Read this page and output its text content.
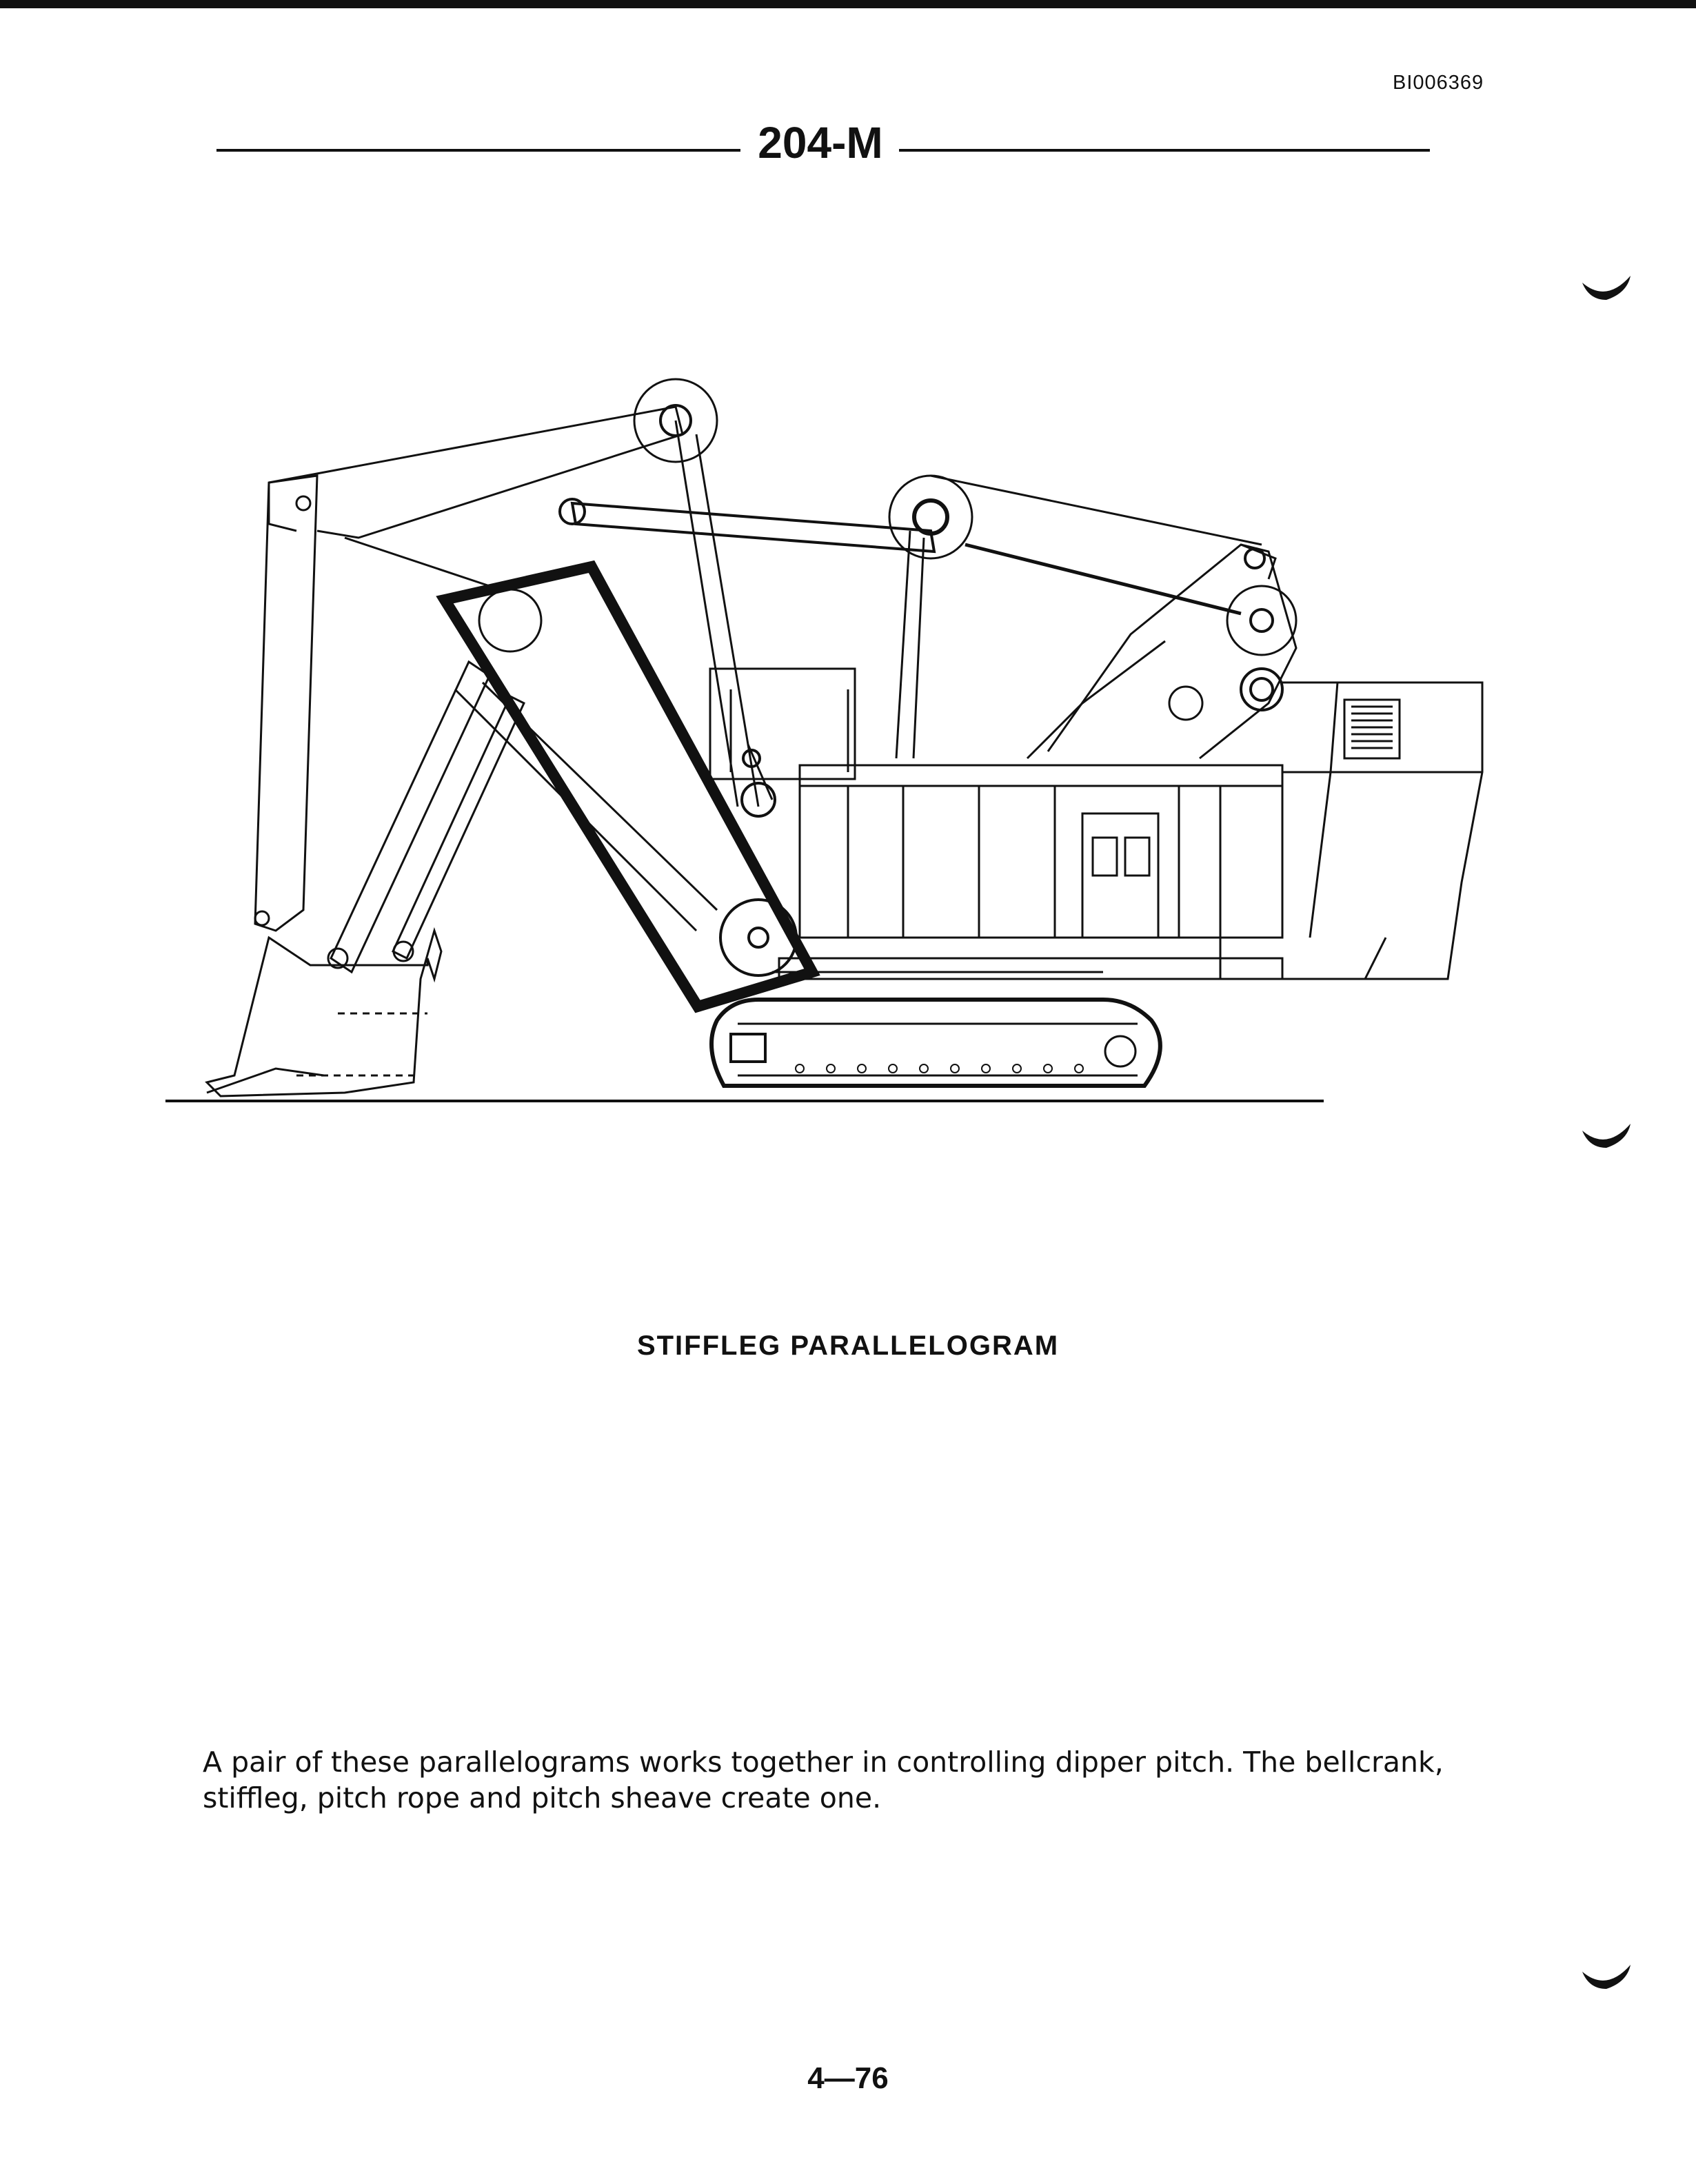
BI006369
204-M
STIFFLEG PARALLELOGRAM
A pair of these parallelograms works together in controlling dipper pitch. The bellcrank, stiffleg, pitch rope and pitch sheave create one.
4—76
